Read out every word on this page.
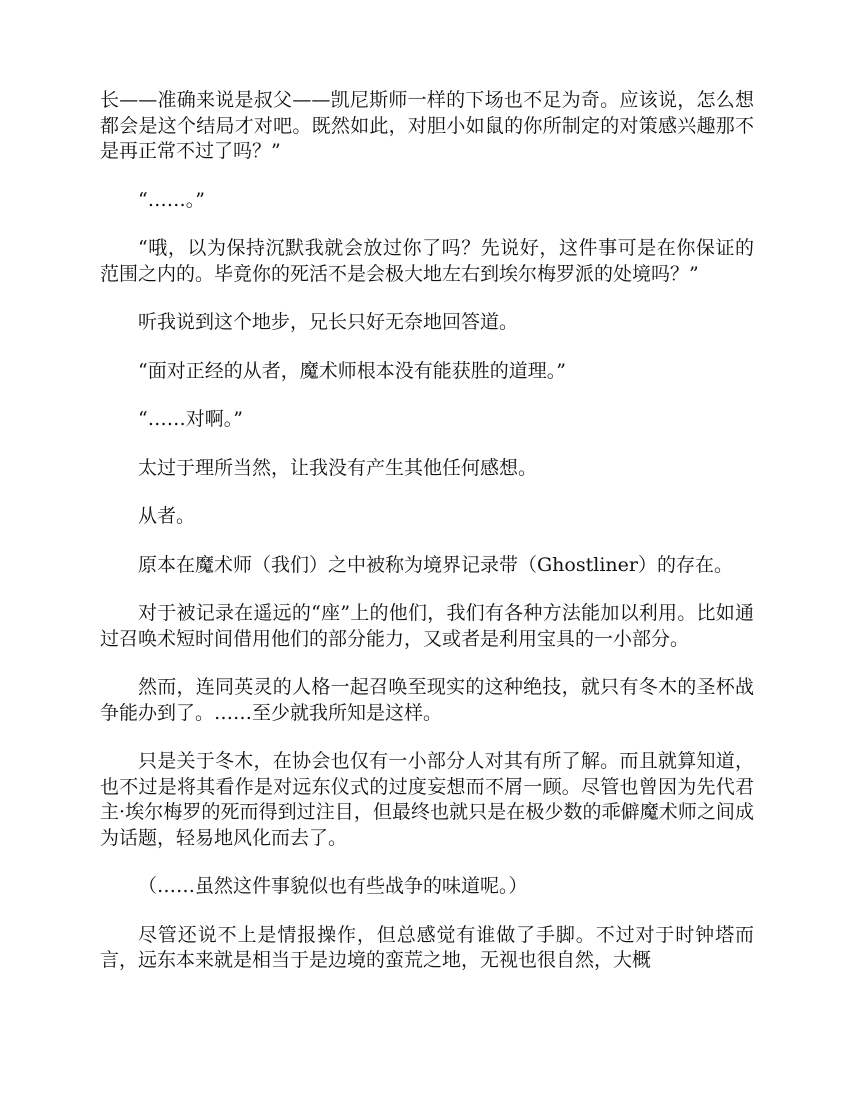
长——准确来说是叔父——凯尼斯师一样的下场也不足为奇。应该说，怎么想都会是这个结局才对吧。既然如此，对胆小如鼠的你所制定的对策感兴趣那不是再正常不过了吗？”

“……。”

“哦，以为保持沉默我就会放过你了吗？先说好，这件事可是在你保证的范围之内的。毕竟你的死活不是会极大地左右到埃尔梅罗派的处境吗？”

听我说到这个地步，兄长只好无奈地回答道。

“面对正经的从者，魔术师根本没有能获胜的道理。”

“……对啊。”

太过于理所当然，让我没有产生其他任何感想。

从者。

原本在魔术师（我们）之中被称为境界记录带（Ghostliner）的存在。

对于被记录在遥远的“座”上的他们，我们有各种方法能加以利用。比如通过召唤术短时间借用他们的部分能力，又或者是利用宝具的一小部分。

然而，连同英灵的人格一起召唤至现实的这种绝技，就只有冬木的圣杯战争能办到了。……至少就我所知是这样。

只是关于冬木，在协会也仅有一小部分人对其有所了解。而且就算知道，也不过是将其看作是对远东仪式的过度妄想而不屑一顾。尽管也曾因为先代君主·埃尔梅罗的死而得到过注目，但最终也就只是在极少数的乖僻魔术师之间成为话题，轻易地风化而去了。

（……虽然这件事貌似也有些战争的味道呢。）

尽管还说不上是情报操作，但总感觉有谁做了手脚。不过对于时钟塔而言，远东本来就是相当于是边境的蛮荒之地，无视也很自然，大概
